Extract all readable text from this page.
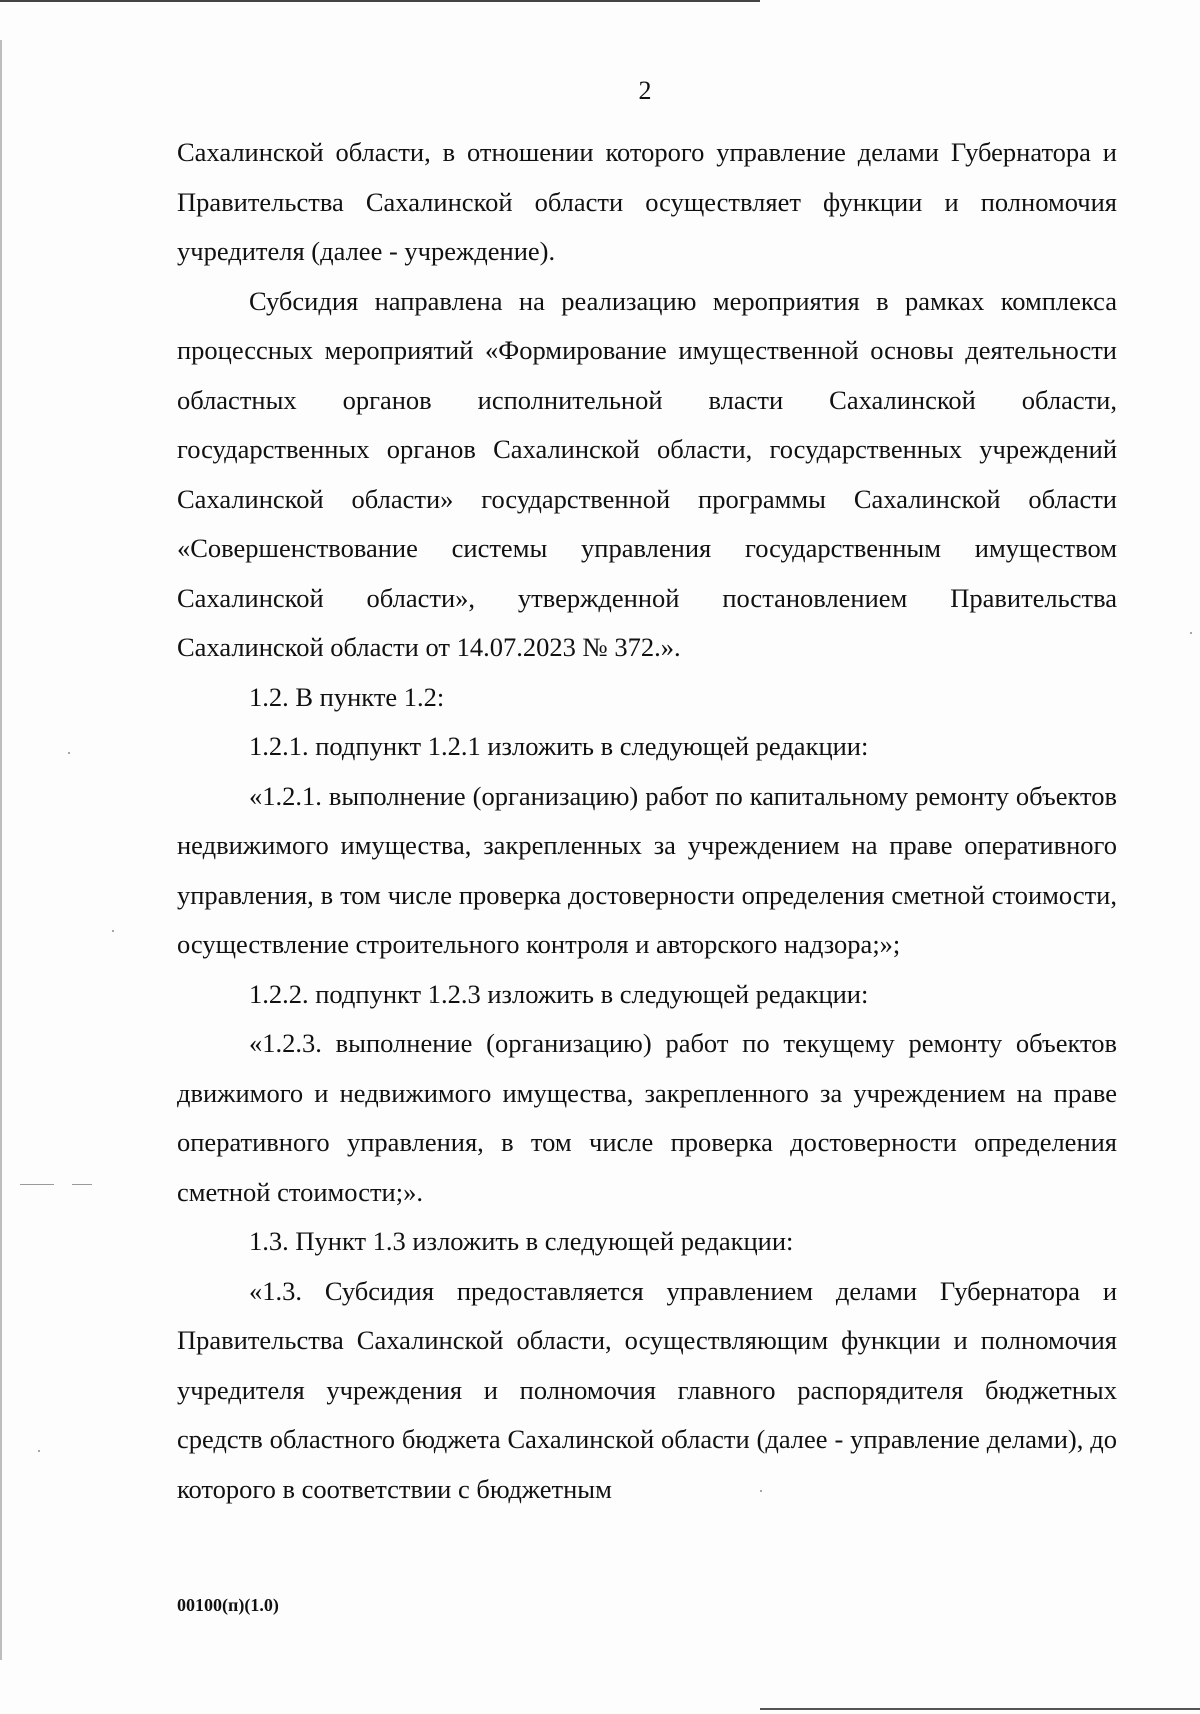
2

Сахалинской области, в отношении которого управление делами Губернатора и Правительства Сахалинской области осуществляет функции и полномочия учредителя (далее - учреждение).

Субсидия направлена на реализацию мероприятия в рамках комплекса процессных мероприятий «Формирование имущественной основы деятельности областных органов исполнительной власти Сахалинской области, государственных органов Сахалинской области, государственных учреждений Сахалинской области» государственной программы Сахалинской области «Совершенствование системы управления государственным имуществом Сахалинской области», утвержденной постановлением Правительства Сахалинской области от 14.07.2023 № 372.».

1.2. В пункте 1.2:

1.2.1. подпункт 1.2.1 изложить в следующей редакции:

«1.2.1. выполнение (организацию) работ по капитальному ремонту объектов недвижимого имущества, закрепленных за учреждением на праве оперативного управления, в том числе проверка достоверности определения сметной стоимости, осуществление строительного контроля и авторского надзора;»;

1.2.2. подпункт 1.2.3 изложить в следующей редакции:

«1.2.3. выполнение (организацию) работ по текущему ремонту объектов движимого и недвижимого имущества, закрепленного за учреждением на праве оперативного управления, в том числе проверка достоверности определения сметной стоимости;».

1.3. Пункт 1.3 изложить в следующей редакции:

«1.3. Субсидия предоставляется управлением делами Губернатора и Правительства Сахалинской области, осуществляющим функции и полномочия учредителя учреждения и полномочия главного распорядителя бюджетных средств областного бюджета Сахалинской области (далее - управление делами), до которого в соответствии с бюджетным

00100(п)(1.0)
